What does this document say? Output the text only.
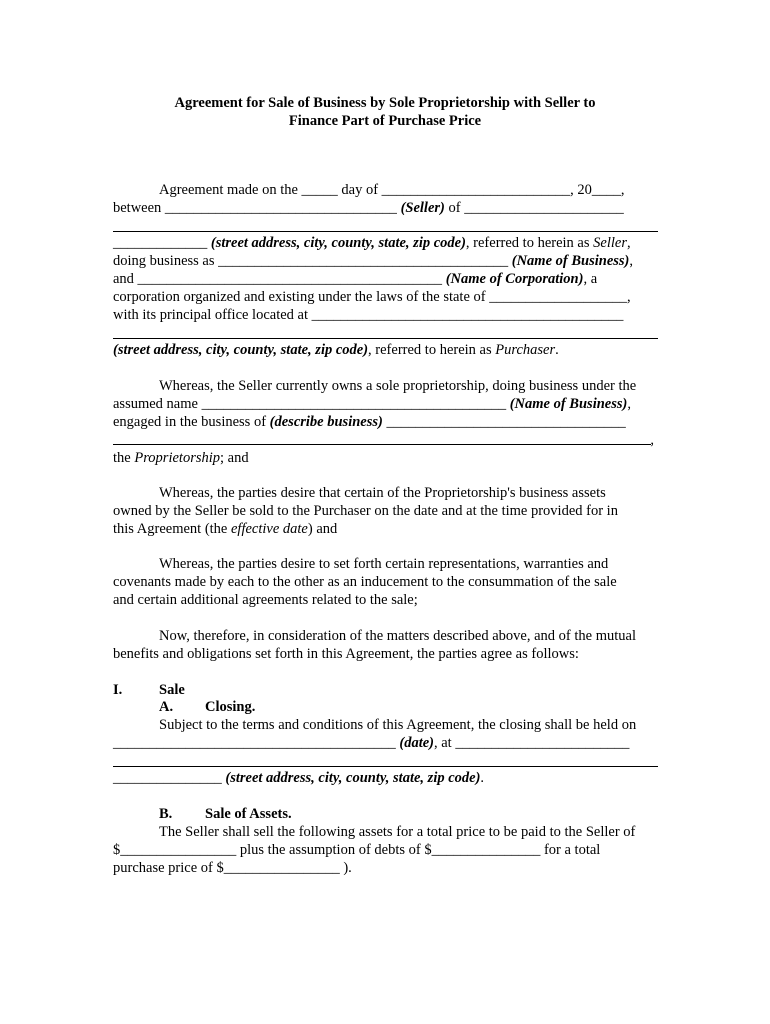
Agreement for Sale of Business by Sole Proprietorship with Seller to
Finance Part of Purchase Price
Agreement made on the _____ day of __________________________, 20____,
between ________________________________ (Seller) of ______________________
_____________ (street address, city, county, state, zip code), referred to herein as Seller,
doing business as ________________________________________ (Name of Business),
and __________________________________________ (Name of Corporation), a
corporation organized and existing under the laws of the state of ___________________,
with its principal office located at ___________________________________________
(street address, city, county, state, zip code), referred to herein as Purchaser.
Whereas, the Seller currently owns a sole proprietorship, doing business under the
assumed name __________________________________________ (Name of Business),
engaged in the business of (describe business) _________________________________
,
the Proprietorship; and
Whereas, the parties desire that certain of the Proprietorship's business assets
owned by the Seller be sold to the Purchaser on the date and at the time provided for in
this Agreement (the effective date) and
Whereas, the parties desire to set forth certain representations, warranties and
covenants made by each to the other as an inducement to the consummation of the sale
and certain additional agreements related to the sale;
Now, therefore, in consideration of the matters described above, and of the mutual
benefits and obligations set forth in this Agreement, the parties agree as follows:
I.	Sale
A. Closing.
Subject to the terms and conditions of this Agreement, the closing shall be held on
_______________________________________ (date), at ________________________
_______________ (street address, city, county, state, zip code).
B. Sale of Assets.
The Seller shall sell the following assets for a total price to be paid to the Seller of
$________________ plus the assumption of debts of $_______________ for a total
purchase price of $________________ ).
